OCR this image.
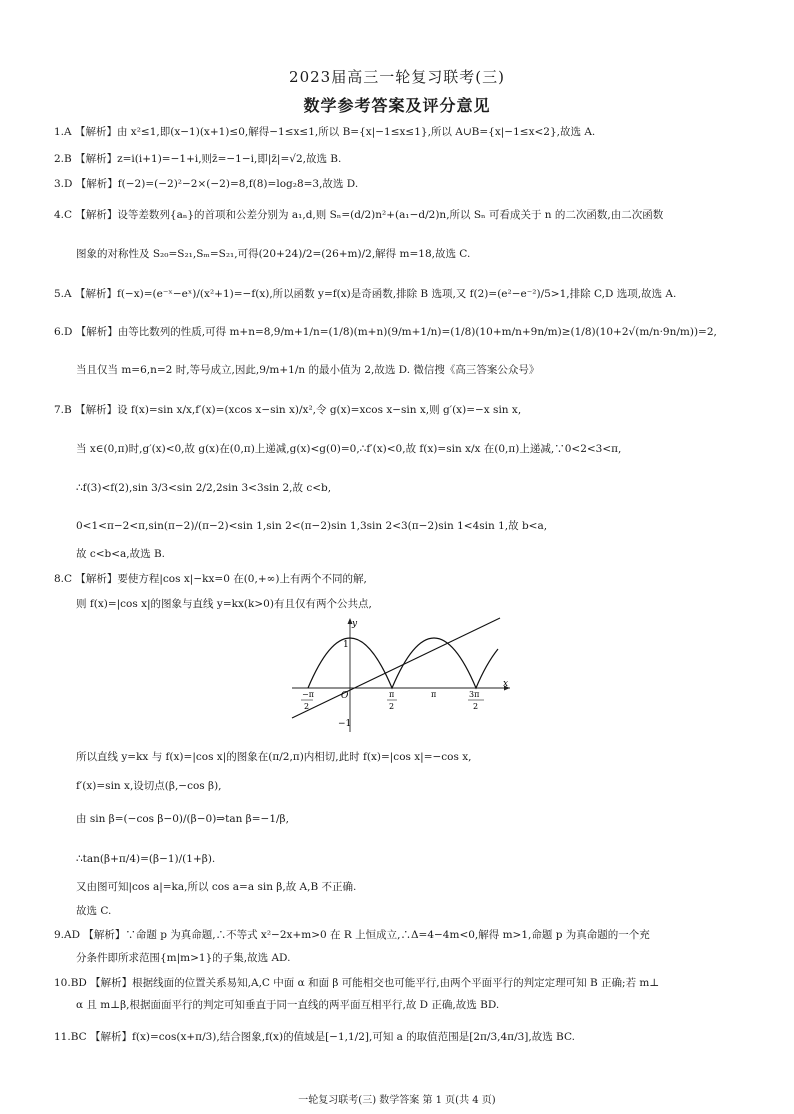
2023届高三一轮复习联考(三)
数学参考答案及评分意见
1.A 【解析】由 x²≤1,即(x−1)(x+1)≤0,解得−1≤x≤1,所以 B={x|−1≤x≤1},所以 A∪B={x|−1≤x<2},故选 A.
2.B 【解析】z=i(i+1)=−1+i,则z̄=−1−i,即|z̄|=√2,故选 B.
3.D 【解析】f(−2)=(−2)²−2×(−2)=8,f(8)=log₂8=3,故选 D.
4.C 【解析】设等差数列{aₙ}的首项和公差分别为 a₁,d,则 Sₙ=(d/2)n²+(a₁−d/2)n,所以 Sₙ 可看成关于 n 的二次函数,由二次函数
图象的对称性及 S₂₀=S₂₁,Sₘ=S₂₁,可得(20+24)/2=(26+m)/2,解得 m=18,故选 C.
5.A 【解析】f(−x)=(e⁻ˣ−eˣ)/(x²+1)=−f(x),所以函数 y=f(x)是奇函数,排除 B 选项,又 f(2)=(e²−e⁻²)/5>1,排除 C,D 选项,故选 A.
6.D 【解析】由等比数列的性质,可得 m+n=8,9/m+1/n=(1/8)(m+n)(9/m+1/n)=(1/8)(10+m/n+9n/m)≥(1/8)(10+2√(m/n·9n/m))=2,
当且仅当 m=6,n=2 时,等号成立,因此,9/m+1/n 的最小值为 2,故选 D. 微信搜《高三答案公众号》
7.B 【解析】设 f(x)=sin x/x,f′(x)=(xcos x−sin x)/x²,令 g(x)=xcos x−sin x,则 g′(x)=−x sin x,
当 x∈(0,π)时,g′(x)<0,故 g(x)在(0,π)上递减,g(x)<g(0)=0,∴f′(x)<0,故 f(x)=sin x/x 在(0,π)上递减,∵0<2<3<π,
∴f(3)<f(2),sin 3/3<sin 2/2,2sin 3<3sin 2,故 c<b,
0<1<π−2<π,sin(π−2)/(π−2)<sin 1,sin 2<(π−2)sin 1,3sin 2<3(π−2)sin 1<4sin 1,故 b<a,
故 c<b<a,故选 B.
8.C 【解析】要使方程|cos x|−kx=0 在(0,+∞)上有两个不同的解,
则 f(x)=|cos x|的图象与直线 y=kx(k>0)有且仅有两个公共点,
y
x
O
1
−1
−π
2
π
2
π	3π
2
所以直线 y=kx 与 f(x)=|cos x|的图象在(π/2,π)内相切,此时 f(x)=|cos x|=−cos x,
f′(x)=sin x,设切点(β,−cos β),
由 sin β=(−cos β−0)/(β−0)⇒tan β=−1/β,
∴tan(β+π/4)=(β−1)/(1+β).
又由图可知|cos a|=ka,所以 cos a=a sin β,故 A,B 不正确.
故选 C.
9.AD 【解析】∵命题 p 为真命题,∴不等式 x²−2x+m>0 在 R 上恒成立,∴Δ=4−4m<0,解得 m>1,命题 p 为真命题的一个充
分条件即所求范围{m|m>1}的子集,故选 AD.
10.BD 【解析】根据线面的位置关系易知,A,C 中面 α 和面 β 可能相交也可能平行,由两个平面平行的判定定理可知 B 正确;若 m⊥
α 且 m⊥β,根据面面平行的判定可知垂直于同一直线的两平面互相平行,故 D 正确,故选 BD.
11.BC 【解析】f(x)=cos(x+π/3),结合图象,f(x)的值域是[−1,1/2],可知 a 的取值范围是[2π/3,4π/3],故选 BC.
一轮复习联考(三) 数学答案 第 1 页(共 4 页)
